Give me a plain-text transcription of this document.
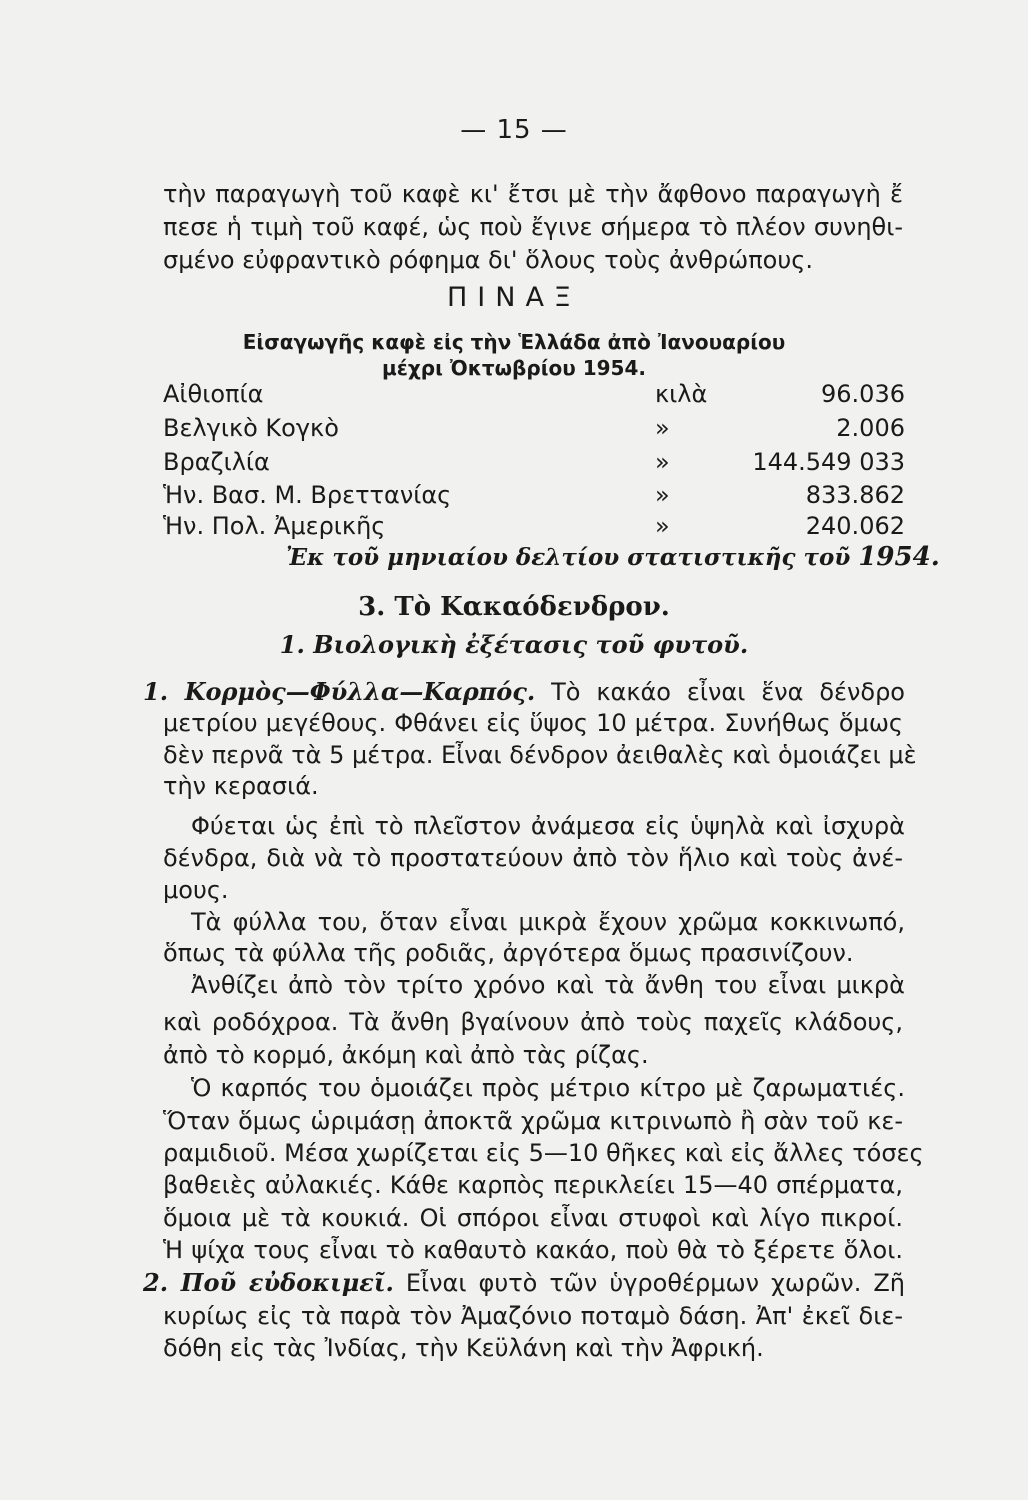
— 15 —
τὴν παραγωγὴ τοῦ καφὲ κι' ἔτσι μὲ τὴν ἄφθονο παραγωγὴ ἔ
πεσε ἡ τιμὴ τοῦ καφέ, ὡς ποὺ ἔγινε σήμερα τὸ πλέον συνηθι-
σμένο εὐφραντικὸ ρόφημα δι' ὅλους τοὺς ἀνθρώπους.
ΠΙΝΑΞ
Εἰσαγωγῆς καφὲ εἰς τὴν Ἑλλάδα ἀπὸ Ἰανουαρίου
μέχρι Ὀκτωβρίου 1954.
Αἰθιοπία	κιλὰ	96.036
Βελγικὸ Κογκὸ	»	2.006
Βραζιλία	»	144.549 033
Ἡν. Βασ. Μ. Βρεττανίας	»	833.862
Ἡν. Πολ. Ἀμερικῆς	»	240.062
Ἐκ τοῦ μηνιαίου δελτίου στατιστικῆς τοῦ 1954.
3. Τὸ Κακαόδενδρον.
1. Βιολογικὴ ἐξέτασις τοῦ φυτοῦ.
1. Κορμὸς—Φύλλα—Καρπός. Τὸ κακάο εἶναι ἕνα δένδρο
μετρίου μεγέθους. Φθάνει εἰς ὕψος 10 μέτρα. Συνήθως ὅμως
δὲν περνᾶ τὰ 5 μέτρα. Εἶναι δένδρον ἀειθαλὲς καὶ ὁμοιάζει μὲ
τὴν κερασιά.
Φύεται ὡς ἐπὶ τὸ πλεῖστον ἀνάμεσα εἰς ὑψηλὰ καὶ ἰσχυρὰ
δένδρα, διὰ νὰ τὸ προστατεύουν ἀπὸ τὸν ἥλιο καὶ τοὺς ἀνέ-
μους.
Τὰ φύλλα του, ὅταν εἶναι μικρὰ ἔχουν χρῶμα κοκκινωπό,
ὅπως τὰ φύλλα τῆς ροδιᾶς, ἀργότερα ὅμως πρασινίζουν.
Ἀνθίζει ἀπὸ τὸν τρίτο χρόνο καὶ τὰ ἄνθη του εἶναι μικρὰ
καὶ ροδόχροα. Τὰ ἄνθη βγαίνουν ἀπὸ τοὺς παχεῖς κλάδους,
ἀπὸ τὸ κορμό, ἀκόμη καὶ ἀπὸ τὰς ρίζας.
Ὁ καρπός του ὁμοιάζει πρὸς μέτριο κίτρο μὲ ζαρωματιές.
Ὅταν ὅμως ὡριμάσῃ ἀποκτᾶ χρῶμα κιτρινωπὸ ἢ σὰν τοῦ κε-
ραμιδιοῦ. Μέσα χωρίζεται εἰς 5—10 θῆκες καὶ εἰς ἄλλες τόσες
βαθειὲς αὐλακιές. Κάθε καρπὸς περικλείει 15—40 σπέρματα,
ὅμοια μὲ τὰ κουκιά. Οἱ σπόροι εἶναι στυφοὶ καὶ λίγο πικροί.
Ἡ ψίχα τους εἶναι τὸ καθαυτὸ κακάο, ποὺ θὰ τὸ ξέρετε ὅλοι.
2. Ποῦ εὐδοκιμεῖ. Εἶναι φυτὸ τῶν ὑγροθέρμων χωρῶν. Ζῆ
κυρίως εἰς τὰ παρὰ τὸν Ἀμαζόνιο ποταμὸ δάση. Ἀπ' ἐκεῖ διε-
δόθη εἰς τὰς Ἰνδίας, τὴν Κεϋλάνη καὶ τὴν Ἀφρική.
